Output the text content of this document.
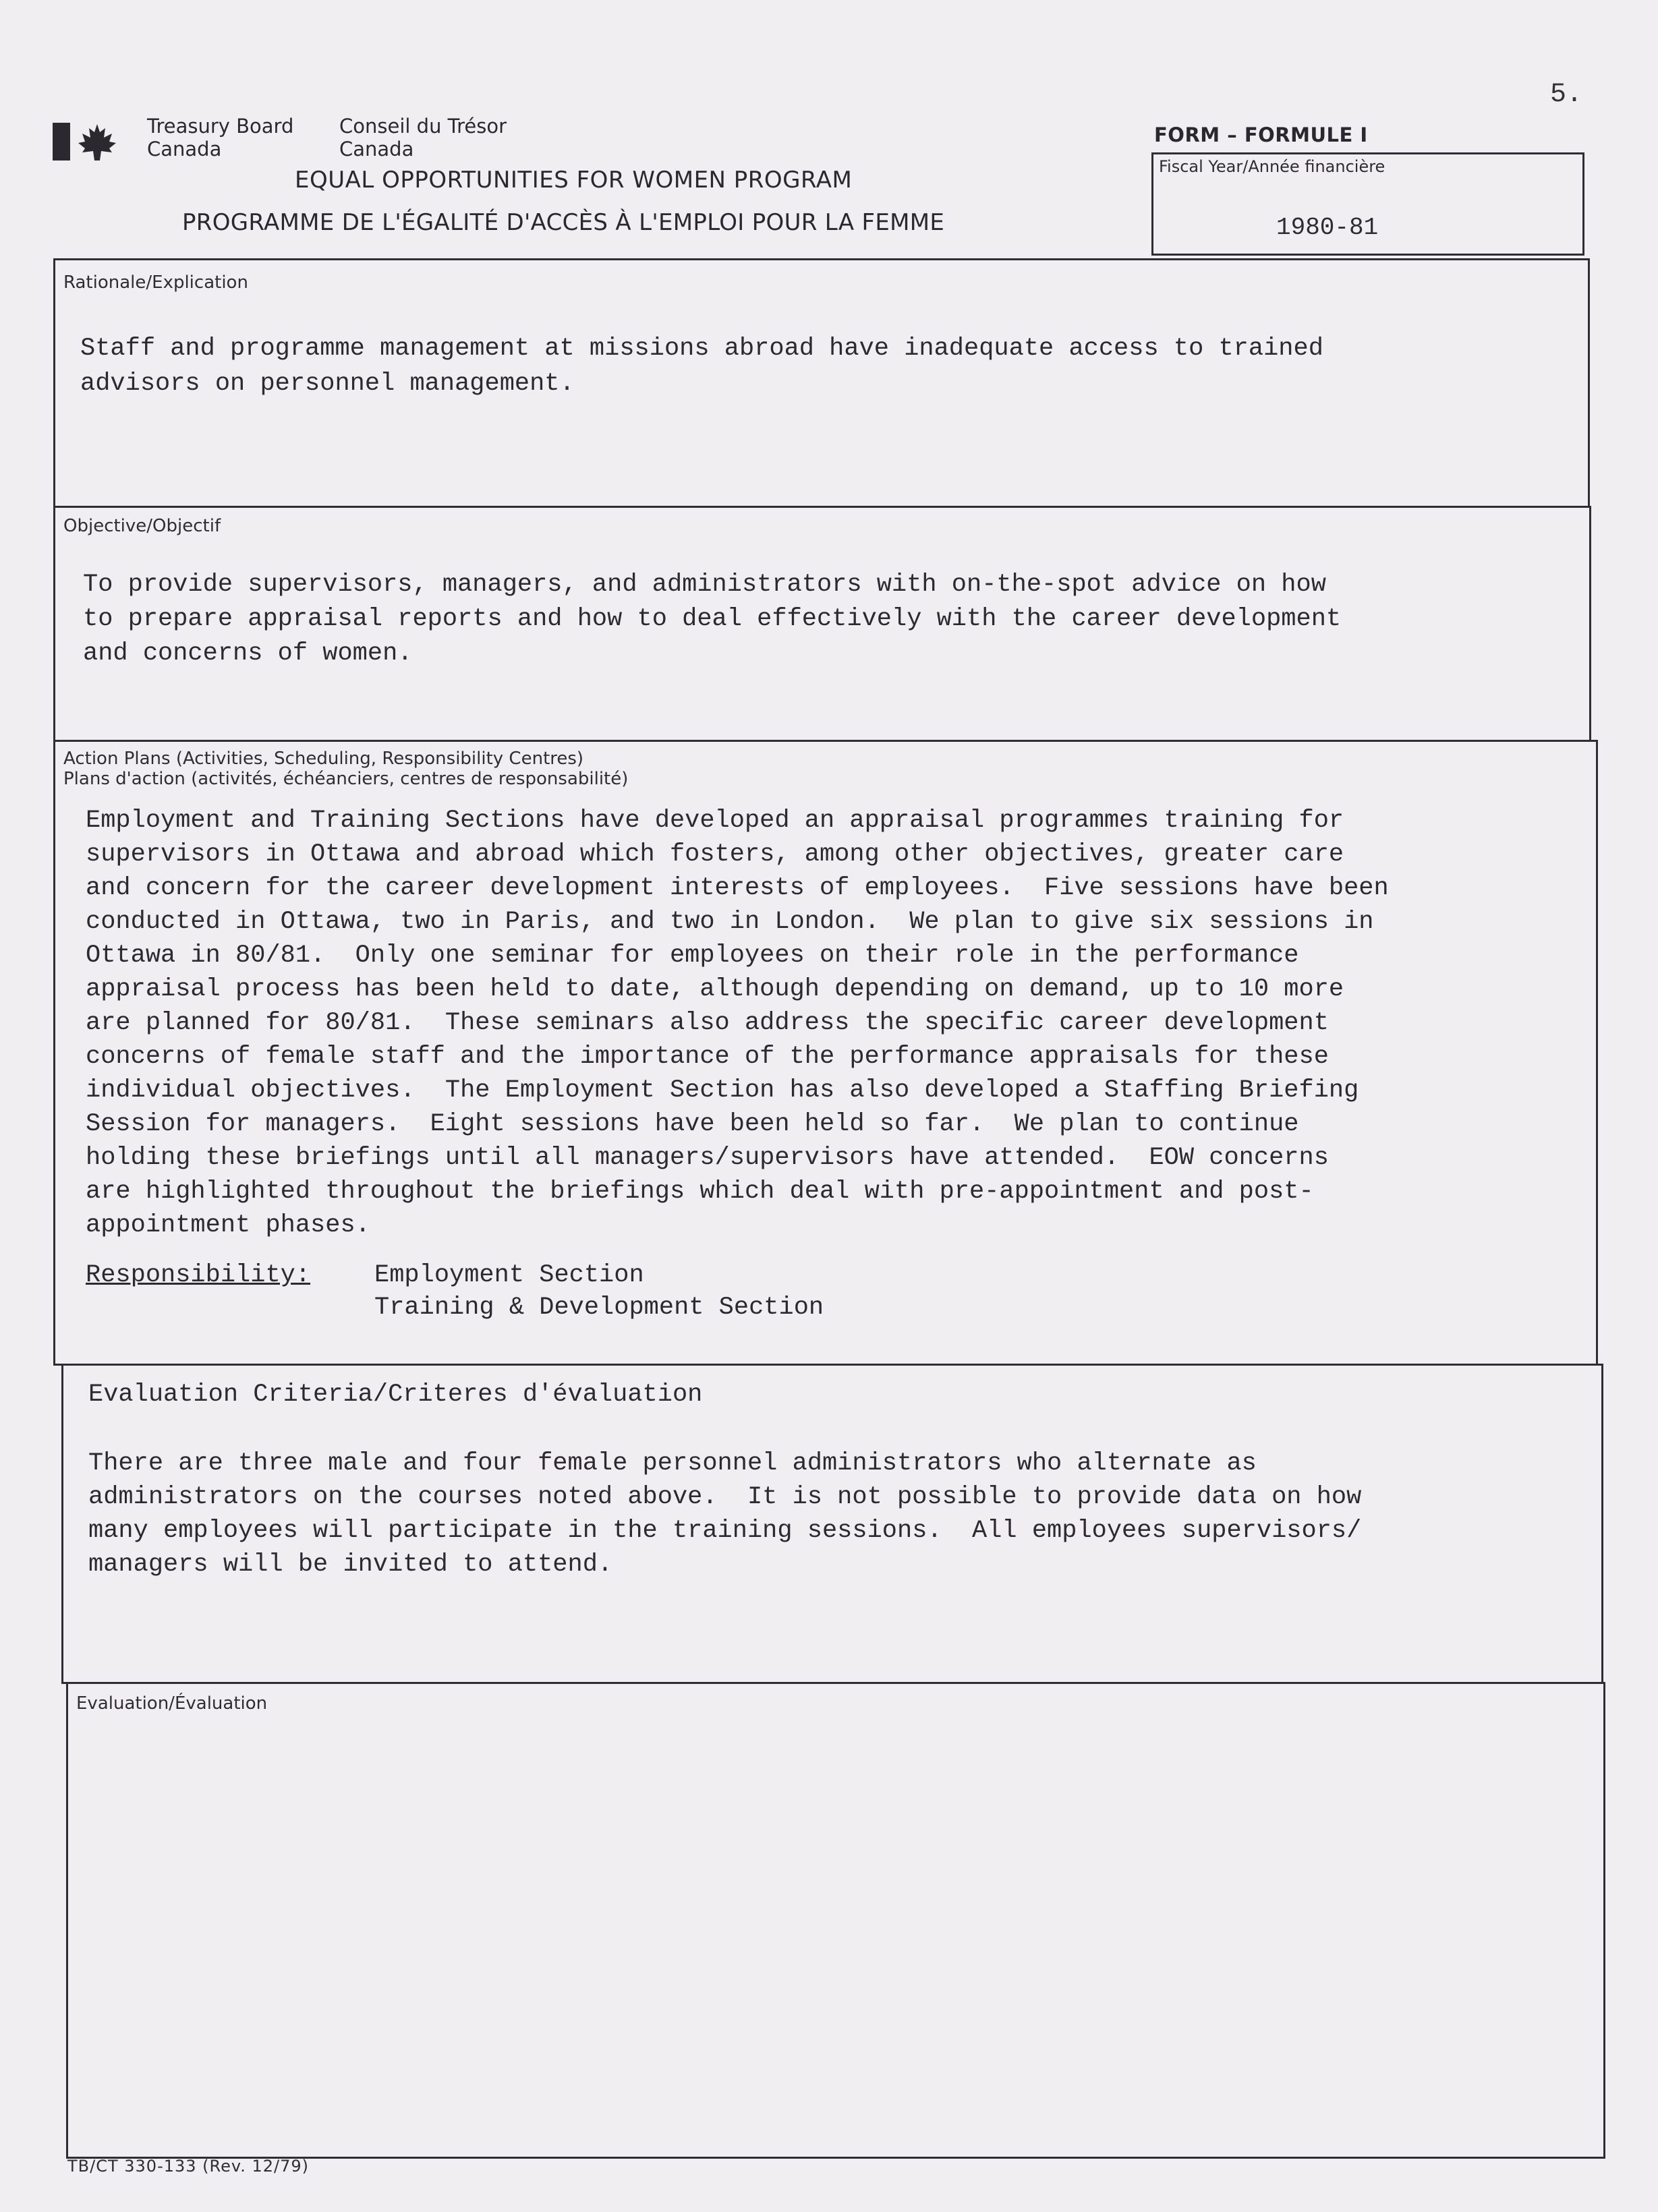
5.
Treasury Board
Canada
Conseil du Trésor
Canada
EQUAL OPPORTUNITIES FOR WOMEN PROGRAM
PROGRAMME DE L'ÉGALITÉ D'ACCÈS À L'EMPLOI POUR LA FEMME
FORM – FORMULE I
Fiscal Year/Année financière
1980-81
Rationale/Explication
Staff and programme management at missions abroad have inadequate access to trained
advisors on personnel management.
Objective/Objectif
To provide supervisors, managers, and administrators with on-the-spot advice on how
to prepare appraisal reports and how to deal effectively with the career development
and concerns of women.
Action Plans (Activities, Scheduling, Responsibility Centres)
Plans d'action (activités, échéanciers, centres de responsabilité)
Employment and Training Sections have developed an appraisal programmes training for
supervisors in Ottawa and abroad which fosters, among other objectives, greater care
and concern for the career development interests of employees.  Five sessions have been
conducted in Ottawa, two in Paris, and two in London.  We plan to give six sessions in
Ottawa in 80/81.  Only one seminar for employees on their role in the performance
appraisal process has been held to date, although depending on demand, up to 10 more
are planned for 80/81.  These seminars also address the specific career development
concerns of female staff and the importance of the performance appraisals for these
individual objectives.  The Employment Section has also developed a Staffing Briefing
Session for managers.  Eight sessions have been held so far.  We plan to continue
holding these briefings until all managers/supervisors have attended.  EOW concerns
are highlighted throughout the briefings which deal with pre-appointment and post-
appointment phases.
Responsibility:	Employment Section
Training & Development Section
Evaluation Criteria/Criteres d'évaluation
There are three male and four female personnel administrators who alternate as
administrators on the courses noted above.  It is not possible to provide data on how
many employees will participate in the training sessions.  All employees supervisors/
managers will be invited to attend.
Evaluation/Évaluation
TB/CT 330-133 (Rev. 12/79)
